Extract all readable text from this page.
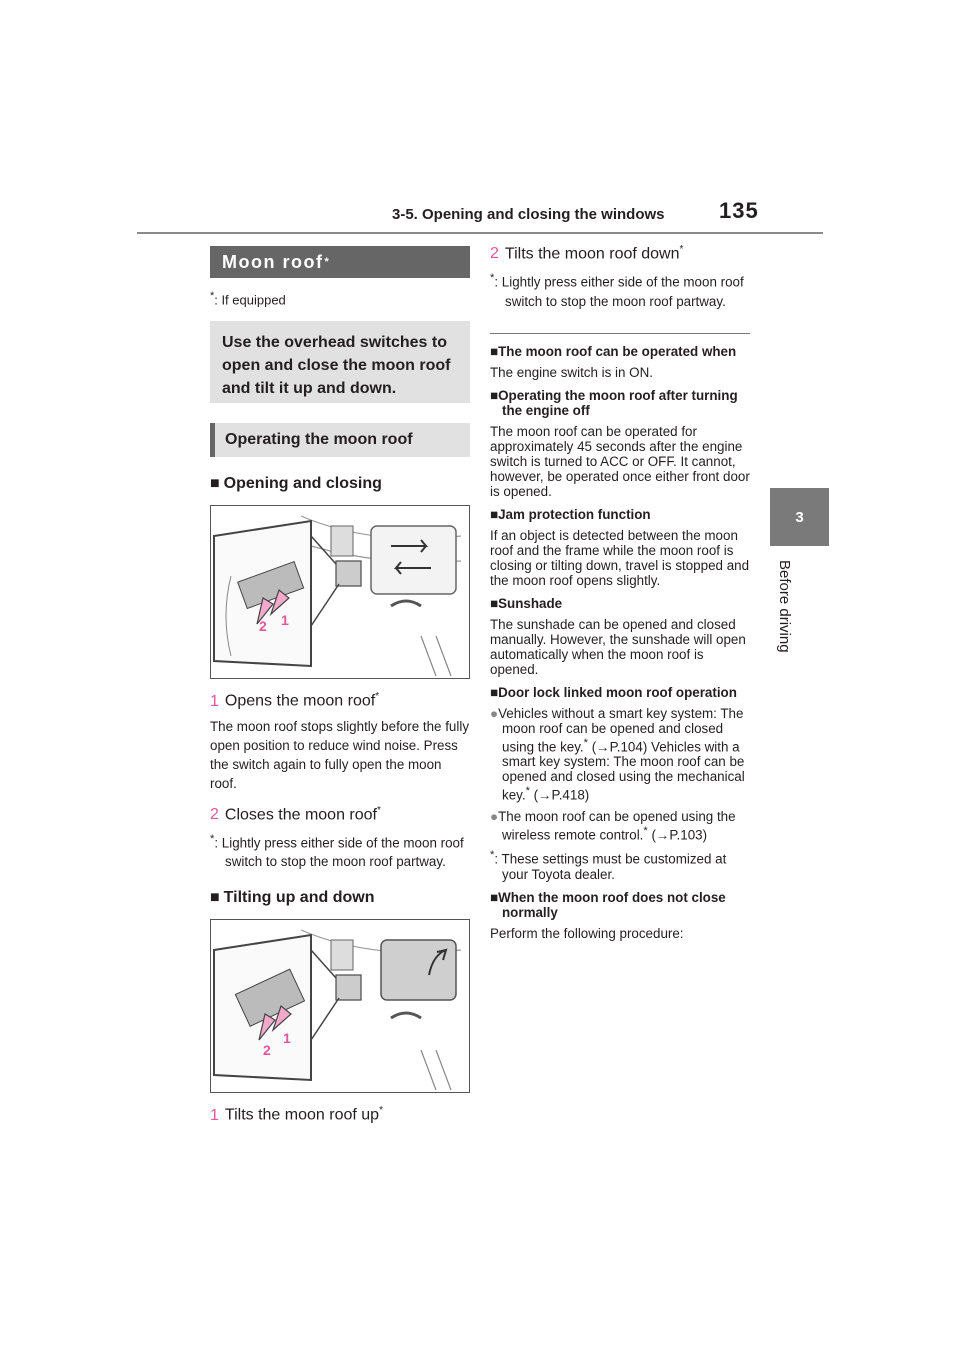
3-5. Opening and closing the windows 135
3
Before driving
Moon roof *
*: If equipped
Use the overhead switches to open and close the moon roof and tilt it up and down.
Operating the moon roof
■ Opening and closing
2 1
1 Opens the moon roof*
The moon roof stops slightly before the fully open position to reduce wind noise. Press the switch again to fully open the moon roof.
2 Closes the moon roof*
*: Lightly press either side of the moon roof switch to stop the moon roof partway.
■ Tilting up and down
2
1
1 Tilts the moon roof up*
2 Tilts the moon roof down*
*: Lightly press either side of the moon roof switch to stop the moon roof partway.
■The moon roof can be operated when
The engine switch is in ON.
■Operating the moon roof after turning the engine off
The moon roof can be operated for approximately 45 seconds after the engine switch is turned to ACC or OFF. It cannot, however, be operated once either front door is opened.
■Jam protection function
If an object is detected between the moon roof and the frame while the moon roof is closing or tilting down, travel is stopped and the moon roof opens slightly.
■Sunshade
The sunshade can be opened and closed manually. However, the sunshade will open automatically when the moon roof is opened.
■Door lock linked moon roof operation
●Vehicles without a smart key system: The moon roof can be opened and closed using the key.* (→P.104) Vehicles with a smart key system: The moon roof can be opened and closed using the mechanical key.* (→P.418)
●The moon roof can be opened using the wireless remote control.* (→P.103)
*: These settings must be customized at your Toyota dealer.
■When the moon roof does not close normally
Perform the following procedure:
